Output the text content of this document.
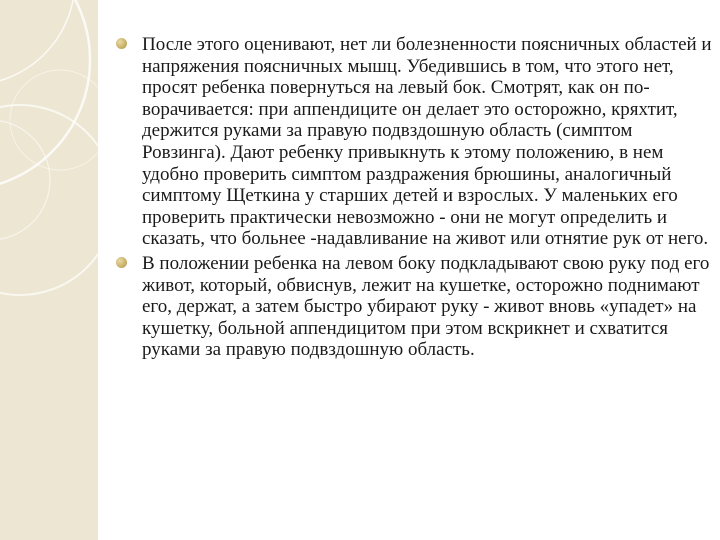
После этого оценивают, нет ли болезненности поясничных областей и напряжения поясничных мышц. Убедившись в том, что этого нет, просят ребенка повернуться на левый бок. Смотрят, как он по-ворачивается: при аппендиците он делает это осторожно, кряхтит, держится руками за правую подвздошную область (симптом Ровзинга). Дают ребенку привыкнуть к этому положению, в нем удобно проверить симптом раздражения брюшины, аналогичный симптому Щеткина у старших детей и взрослых. У маленьких его проверить практически невозможно - они не могут определить и сказать, что больнее -надавливание на живот или отнятие рук от него.
В положении ребенка на левом боку подкладывают свою руку под его живот, который, обвиснув, лежит на кушетке, осторожно поднимают его, держат, а затем быстро убирают руку - живот вновь «упадет» на кушетку, больной аппендицитом при этом вскрикнет и схватится руками за правую подвздошную область.
